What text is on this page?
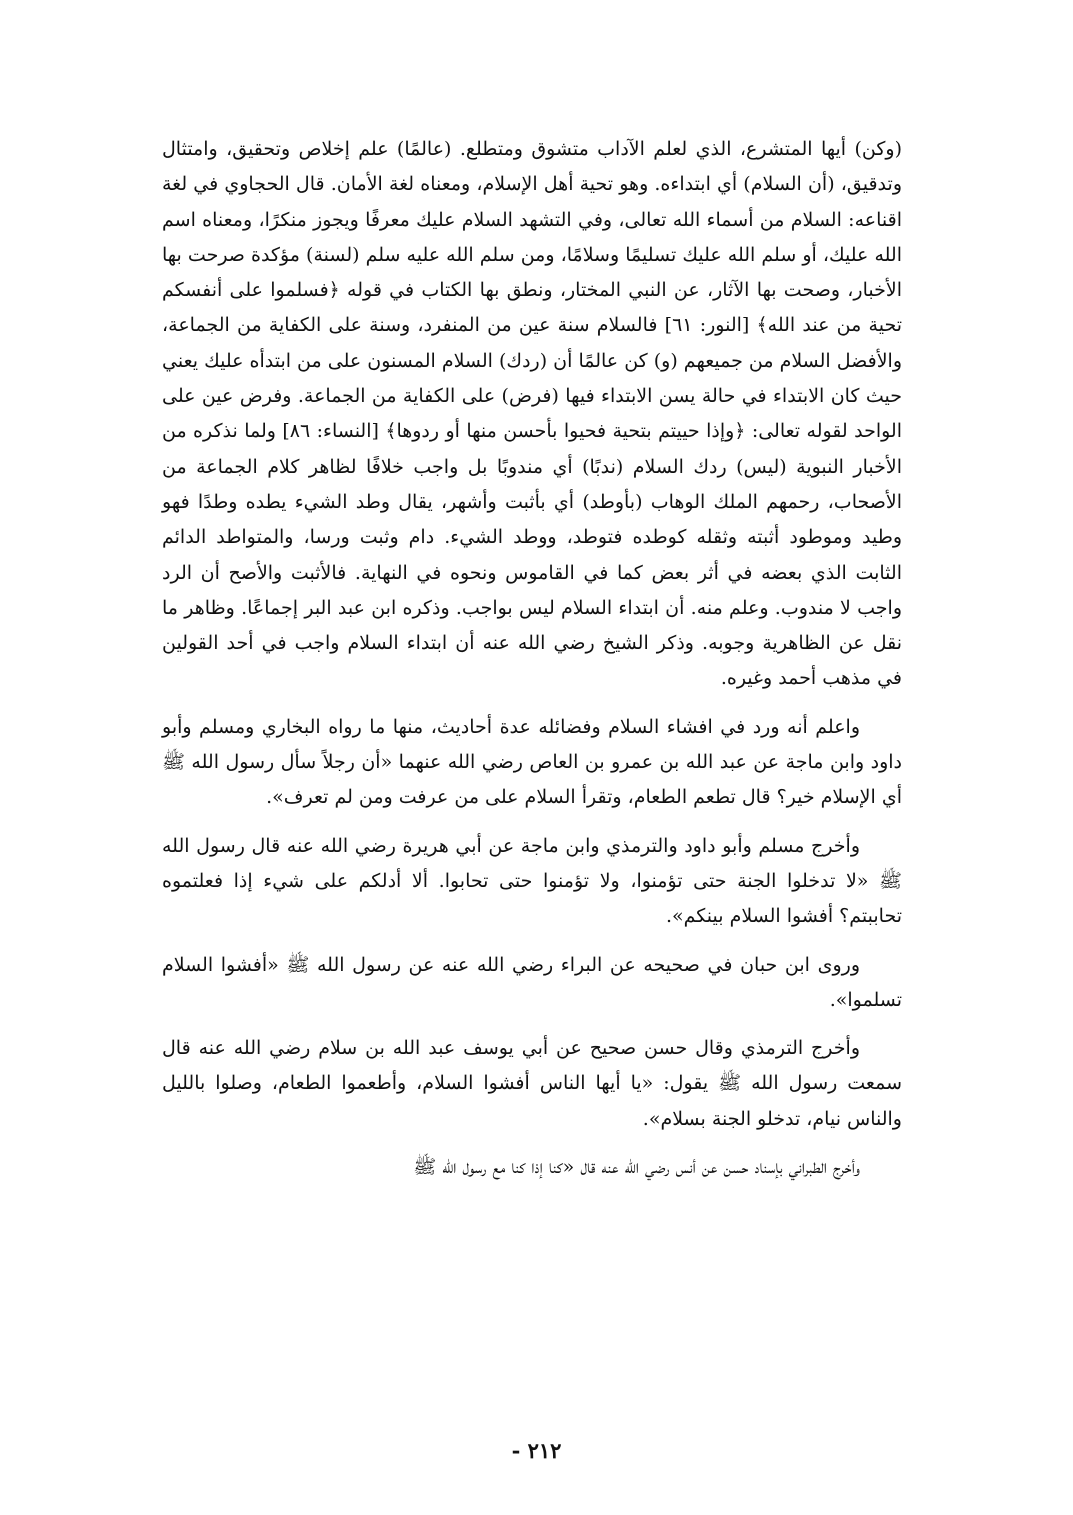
(وكن) أيها المتشرع، الذي لعلم الآداب متشوق ومتطلع. (عالمًا) علم إخلاص وتحقيق، وامتثال وتدقيق، (أن السلام) أي ابتداءه. وهو تحية أهل الإسلام، ومعناه لغة الأمان. قال الحجاوي في لغة اقناعه: السلام من أسماء الله تعالى، وفي التشهد السلام عليك معرفًا ويجوز منكرًا، ومعناه اسم الله عليك، أو سلم الله عليك تسليمًا وسلامًا، ومن سلم الله عليه سلم (لسنة) مؤكدة صرحت بها الأخبار، وصحت بها الآثار، عن النبي المختار، ونطق بها الكتاب في قوله ﴿فسلموا على أنفسكم تحية من عند الله﴾ [النور: ٦١] فالسلام سنة عين من المنفرد، وسنة على الكفاية من الجماعة، والأفضل السلام من جميعهم (و) كن عالمًا أن (ردك) السلام المسنون على من ابتدأه عليك يعني حيث كان الابتداء في حالة يسن الابتداء فيها (فرض) على الكفاية من الجماعة. وفرض عين على الواحد لقوله تعالى: ﴿وإذا حييتم بتحية فحيوا بأحسن منها أو ردوها﴾ [النساء: ٨٦] ولما نذكره من الأخبار النبوية (ليس) ردك السلام (ندبًا) أي مندوبًا بل واجب خلافًا لظاهر كلام الجماعة من الأصحاب، رحمهم الملك الوهاب (بأوطد) أي بأثبت وأشهر، يقال وطد الشيء يطده وطدًا فهو وطيد وموطود أثبته وثقله كوطده فتوطد، ووطد الشيء. دام وثبت ورسا، والمتواطد الدائم الثابت الذي بعضه في أثر بعض كما في القاموس ونحوه في النهاية. فالأثبت والأصح أن الرد واجب لا مندوب. وعلم منه. أن ابتداء السلام ليس بواجب. وذكره ابن عبد البر إجماعًا. وظاهر ما نقل عن الظاهرية وجوبه. وذكر الشيخ رضي الله عنه أن ابتداء السلام واجب في أحد القولين في مذهب أحمد وغيره.

واعلم أنه ورد في افشاء السلام وفضائله عدة أحاديث، منها ما رواه البخاري ومسلم وأبو داود وابن ماجة عن عبد الله بن عمرو بن العاص رضي الله عنهما «أن رجلاً سأل رسول الله ﷺ أي الإسلام خير؟ قال تطعم الطعام، وتقرأ السلام على من عرفت ومن لم تعرف».

وأخرج مسلم وأبو داود والترمذي وابن ماجة عن أبي هريرة رضي الله عنه قال رسول الله ﷺ «لا تدخلوا الجنة حتى تؤمنوا، ولا تؤمنوا حتى تحابوا. ألا أدلكم على شيء إذا فعلتموه تحاببتم؟ أفشوا السلام بينكم».

وروى ابن حبان في صحيحه عن البراء رضي الله عنه عن رسول الله ﷺ «أفشوا السلام تسلموا».

وأخرج الترمذي وقال حسن صحيح عن أبي يوسف عبد الله بن سلام رضي الله عنه قال سمعت رسول الله ﷺ يقول: «يا أيها الناس أفشوا السلام، وأطعموا الطعام، وصلوا بالليل والناس نيام، تدخلو الجنة بسلام».

وأخرج الطبراني بإسناد حسن عن أنس رضي الله عنه قال «كنا إذا كنا مع رسول الله ﷺ

٢١٢ -
